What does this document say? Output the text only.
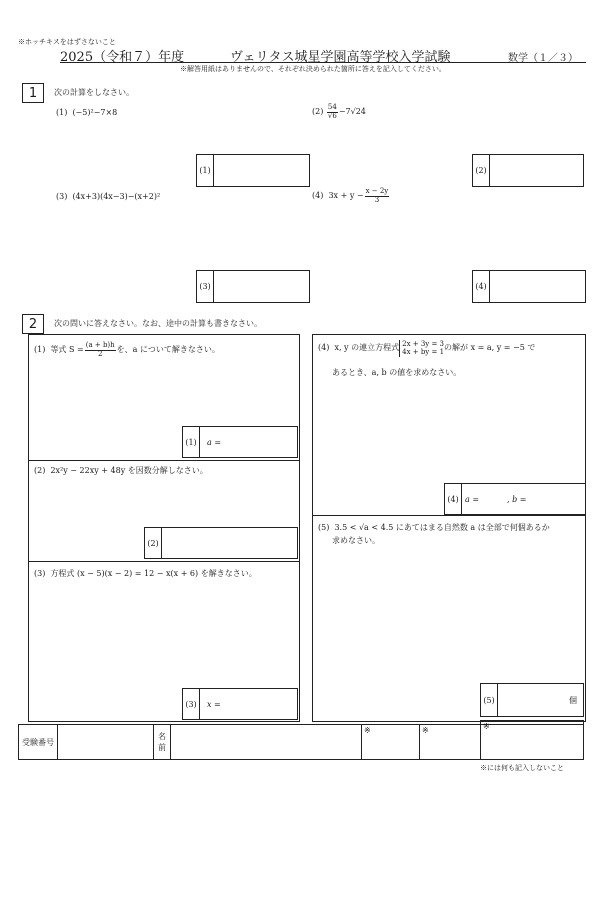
※ホッチキスをはずさないこと
2025（令和７）年度	ヴェリタス城星学園高等学校入学試験	数学（１／３）
※解答用紙はありませんので、それぞれ決められた箇所に答えを記入してください。
1 次の計算をしなさい。
(1) (−5)²−7×8	(2)
$\frac{54}{√6} -7√24$
(1)	(2)
(3) (4x+3)(4x−3)−(x+2)²	(4)
$3x + y - \frac{x - 2y}{3}$
(3)	(4)
2 次の問いに答えなさい。なお、途中の計算も書きなさい。
(1)
等式 $S = \frac{(a + b)h}{2}$ を、a について解きなさい。
(1)	a =
(2) 2x²y − 22xy + 48y を因数分解しなさい。
(2)
(3) 方程式 (x − 5)(x − 2) = 12 − x(x + 6) を解きなさい。
(3)	x =
(4)
x, y の連立方程式 2x + 3y = 3
4x + by = 1 の解が x = a, y = −5 で
あるとき、a, b の値を求めなさい。
(4) a =	, b =
(5) 3.5 < √a < 4.5 にあてはまる自然数 a は全部で何個あるか
求めなさい。
(5)	個
受験番号
名
前
※	※	※
※には何も記入しないこと
